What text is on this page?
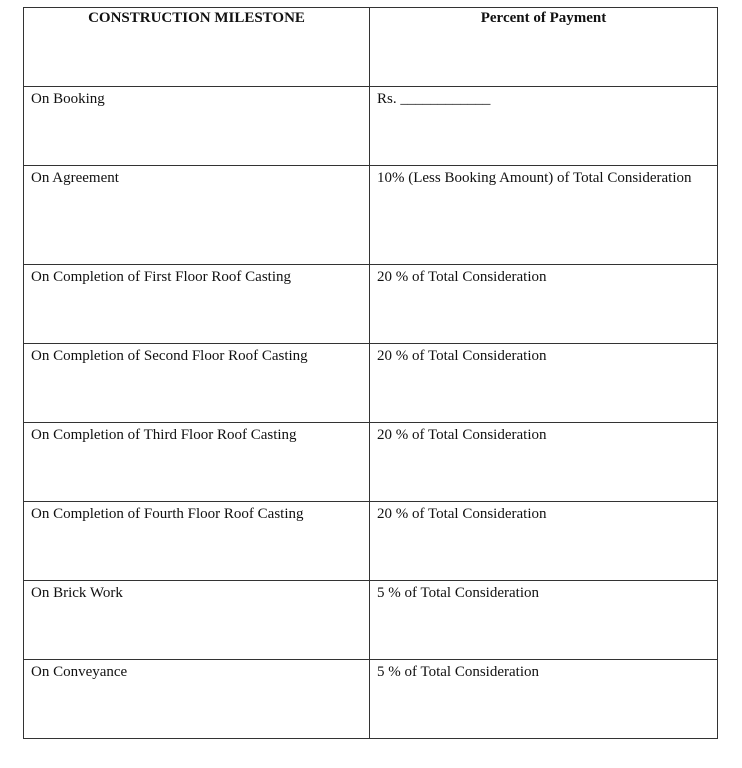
CONSTRUCTION MILESTONE	Percent of Payment

On Booking	Rs. ____________

On Agreement	10% (Less Booking Amount) of Total Consideration

On Completion of First Floor Roof Casting	20 % of Total Consideration

On Completion of Second Floor Roof Casting	20 % of Total Consideration

On Completion of Third Floor Roof Casting	20 % of Total Consideration

On Completion of Fourth Floor Roof Casting	20 % of Total Consideration

On Brick Work	5 % of Total Consideration

On Conveyance	5 % of Total Consideration
